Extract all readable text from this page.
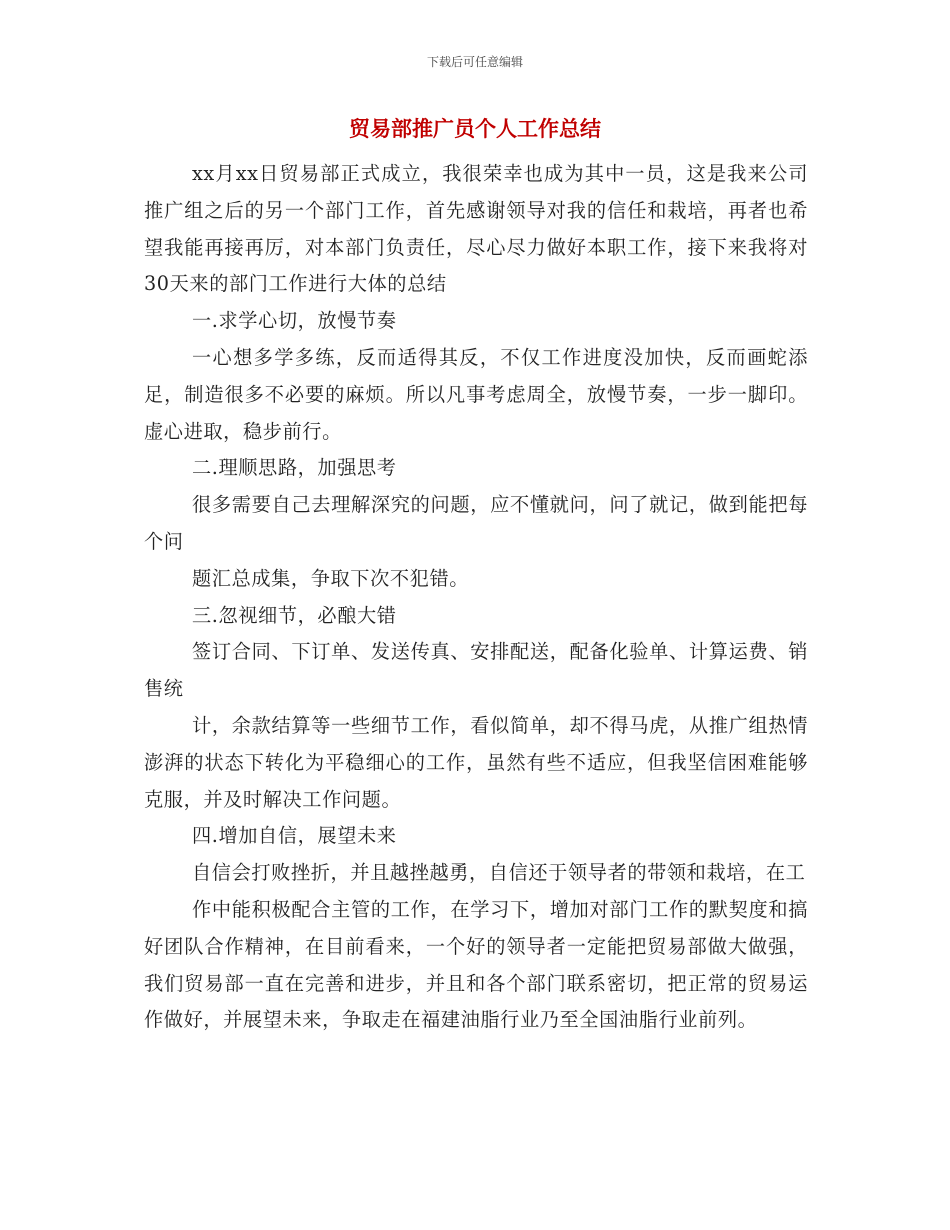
下载后可任意编辑
贸易部推广员个人工作总结

xx月xx日贸易部正式成立，我很荣幸也成为其中一员，这是我来公司推广组之后的另一个部门工作，首先感谢领导对我的信任和栽培，再者也希望我能再接再厉，对本部门负责任，尽心尽力做好本职工作，接下来我将对30天来的部门工作进行大体的总结

一.求学心切，放慢节奏

一心想多学多练，反而适得其反，不仅工作进度没加快，反而画蛇添足，制造很多不必要的麻烦。所以凡事考虑周全，放慢节奏，一步一脚印。虚心进取，稳步前行。

二.理顺思路，加强思考

很多需要自己去理解深究的问题，应不懂就问，问了就记，做到能把每个问

题汇总成集，争取下次不犯错。

三.忽视细节，必酿大错

签订合同、下订单、发送传真、安排配送，配备化验单、计算运费、销售统

计，余款结算等一些细节工作，看似简单，却不得马虎，从推广组热情澎湃的状态下转化为平稳细心的工作，虽然有些不适应，但我坚信困难能够克服，并及时解决工作问题。

四.增加自信，展望未来

自信会打败挫折，并且越挫越勇，自信还于领导者的带领和栽培，在工

作中能积极配合主管的工作，在学习下，增加对部门工作的默契度和搞好团队合作精神，在目前看来，一个好的领导者一定能把贸易部做大做强，我们贸易部一直在完善和进步，并且和各个部门联系密切，把正常的贸易运作做好，并展望未来，争取走在福建油脂行业乃至全国油脂行业前列。
